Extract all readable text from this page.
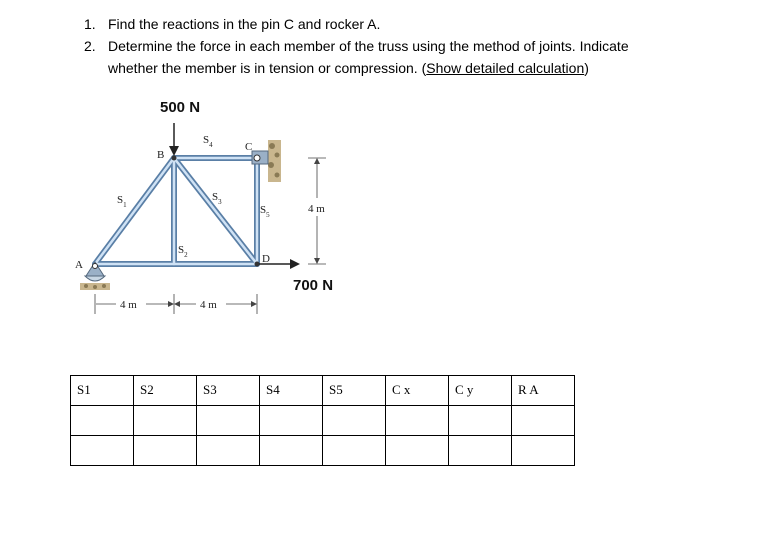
1. Find the reactions in the pin C and rocker A.
2. Determine the force in each member of the truss using the method of joints. Indicate
whether the member is in tension or compression. (Show detailed calculation)
500 N
700 N
B
C
D
A
$S_1$
$S_2$
$S_3$
$S_4$
$S_5$
4 m	4 m
4 m
S1	S2	S3	S4	S5	C x	C y	R A
